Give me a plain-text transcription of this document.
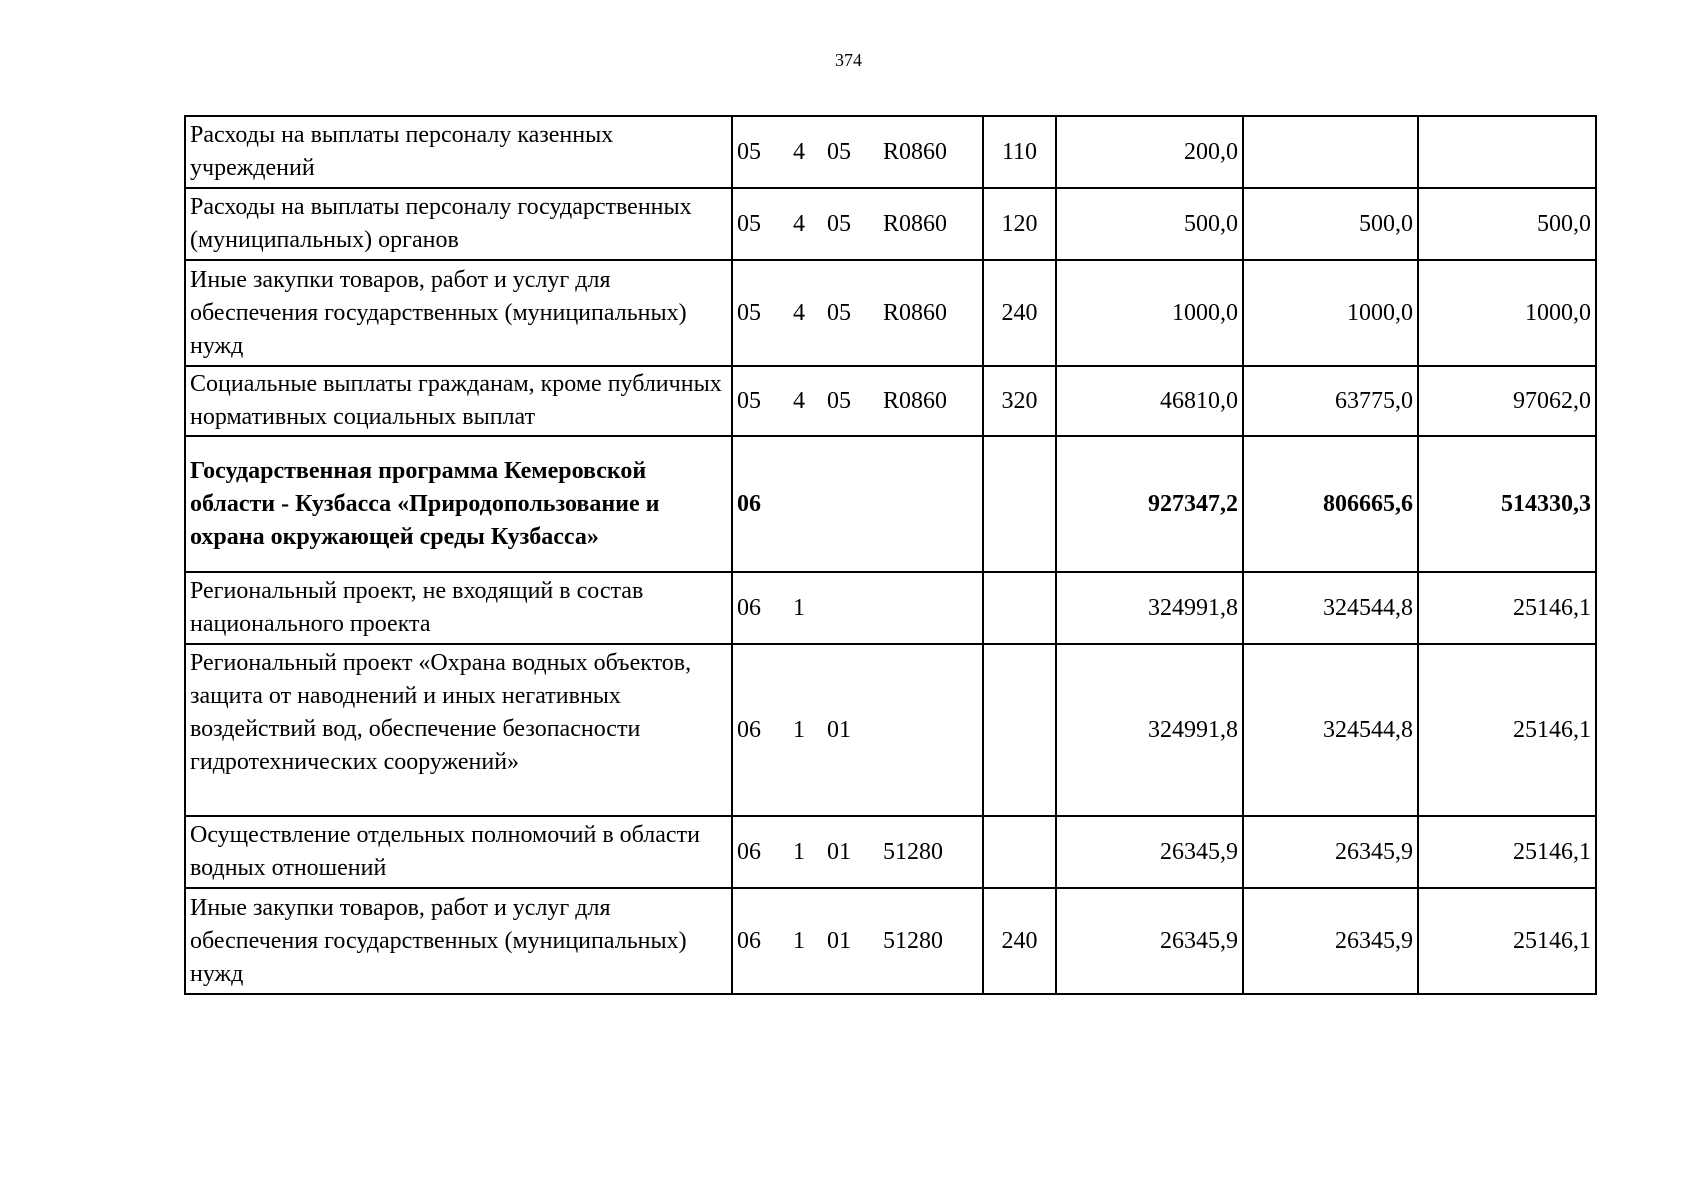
374
Расходы на выплаты персоналу казенных учреждений	05 4 05 R0860	110	200,0		
Расходы на выплаты персоналу государственных (муниципальных) органов	05 4 05 R0860	120	500,0	500,0	500,0
Иные закупки товаров, работ и услуг для обеспечения государственных (муниципальных) нужд	05 4 05 R0860	240	1000,0	1000,0	1000,0
Социальные выплаты гражданам, кроме публичных нормативных социальных выплат	05 4 05 R0860	320	46810,0	63775,0	97062,0
Государственная программа Кемеровской области - Кузбасса «Природопользование и охрана окружающей среды Кузбасса»	06		927347,2	806665,6	514330,3
Региональный проект, не входящий в состав национального проекта	06 1		324991,8	324544,8	25146,1
Региональный проект «Охрана водных объектов, защита от наводнений и иных негативных воздействий вод, обеспечение безопасности гидротехнических сооружений»	06 1 01		324991,8	324544,8	25146,1
Осуществление отдельных полномочий в области водных отношений	06 1 01 51280		26345,9	26345,9	25146,1
Иные закупки товаров, работ и услуг для обеспечения государственных (муниципальных) нужд	06 1 01 51280	240	26345,9	26345,9	25146,1
